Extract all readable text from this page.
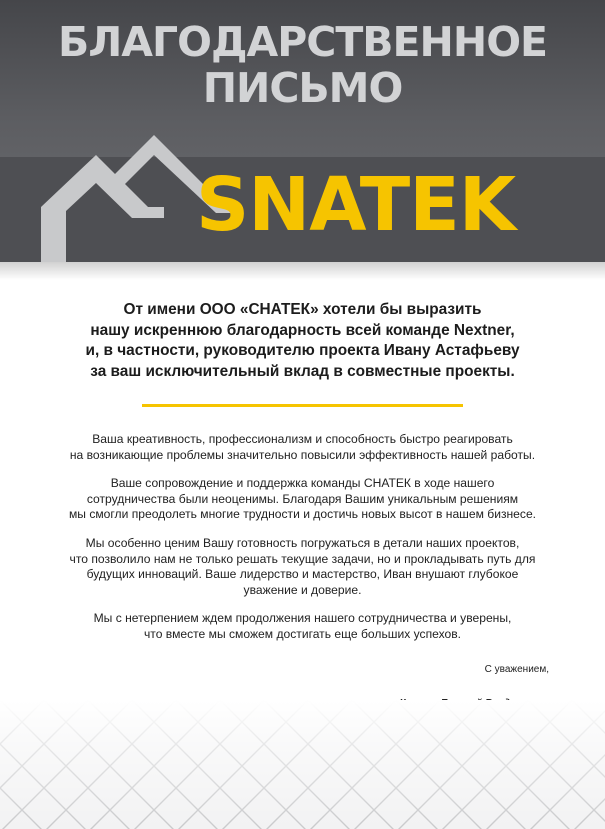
БЛАГОДАРСТВЕННОЕ
ПИСЬМО
SNATEK

От имени ООО «СНАТЕК» хотели бы выразить

нашу искреннюю благодарность всей команде Nextner,

и, в частности, руководителю проекта Ивану Астафьеву

за ваш исключительный вклад в совместные проекты.

Ваша креативность, профессионализм и способность быстро реагировать
на возникающие проблемы значительно повысили эффективность нашей работы.

Ваше сопровождение и поддержка команды СНАТЕК в ходе нашего
сотрудничества были неоценимы. Благодаря Вашим уникальным решениям
мы смогли преодолеть многие трудности и достичь новых высот в нашем бизнесе.

Мы особенно ценим Вашу готовность погружаться в детали наших проектов,
что позволило нам не только решать текущие задачи, но и прокладывать путь для
будущих инноваций. Ваше лидерство и мастерство, Иван внушают глубокое
уважение и доверие.

Мы с нетерпением ждем продолжения нашего сотрудничества и уверены,
что вместе мы сможем достигать еще больших успехов.

С уважением,
